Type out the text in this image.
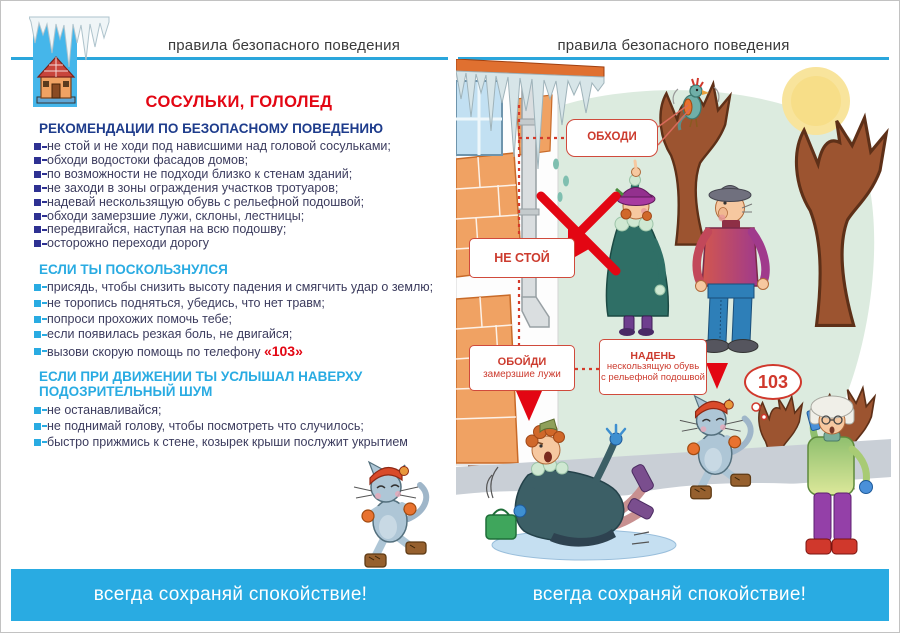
правила безопасного поведения	правила безопасного поведения
СОСУЛЬКИ, ГОЛОЛЕД
РЕКОМЕНДАЦИИ ПО БЕЗОПАСНОМУ ПОВЕДЕНИЮ
не стой и не ходи под нависшими над головой сосульками;
обходи водостоки фасадов домов;
по возможности не подходи близко к стенам зданий;
не заходи в зоны ограждения участков тротуаров;
надевай нескользящую обувь с рельефной подошвой;
обходи замерзшие лужи, склоны, лестницы;
передвигайся, наступая на всю подошву;
осторожно переходи дорогу
ЕСЛИ ТЫ ПОСКОЛЬЗНУЛСЯ
присядь, чтобы снизить высоту падения и смягчить удар о землю;
не торопись подняться, убедись, что нет травм;
попроси прохожих помочь тебе;
если появилась резкая боль, не двигайся;
вызови скорую помощь по телефону «103»
ЕСЛИ ПРИ ДВИЖЕНИИ ТЫ УСЛЫШАЛ НАВЕРХУ ПОДОЗРИТЕЛЬНЫЙ ШУМ
не останавливайся;
не поднимай голову, чтобы посмотреть что случилось;
быстро прижмись к стене, козырек крыши послужит укрытием
ОБХОДИ
НЕ СТОЙ
ОБОЙДИ
замерзшие лужи
НАДЕНЬ
нескользящую обувь
с рельефной подошвой	103
всегда сохраняй спокойствие!	всегда сохраняй спокойствие!
